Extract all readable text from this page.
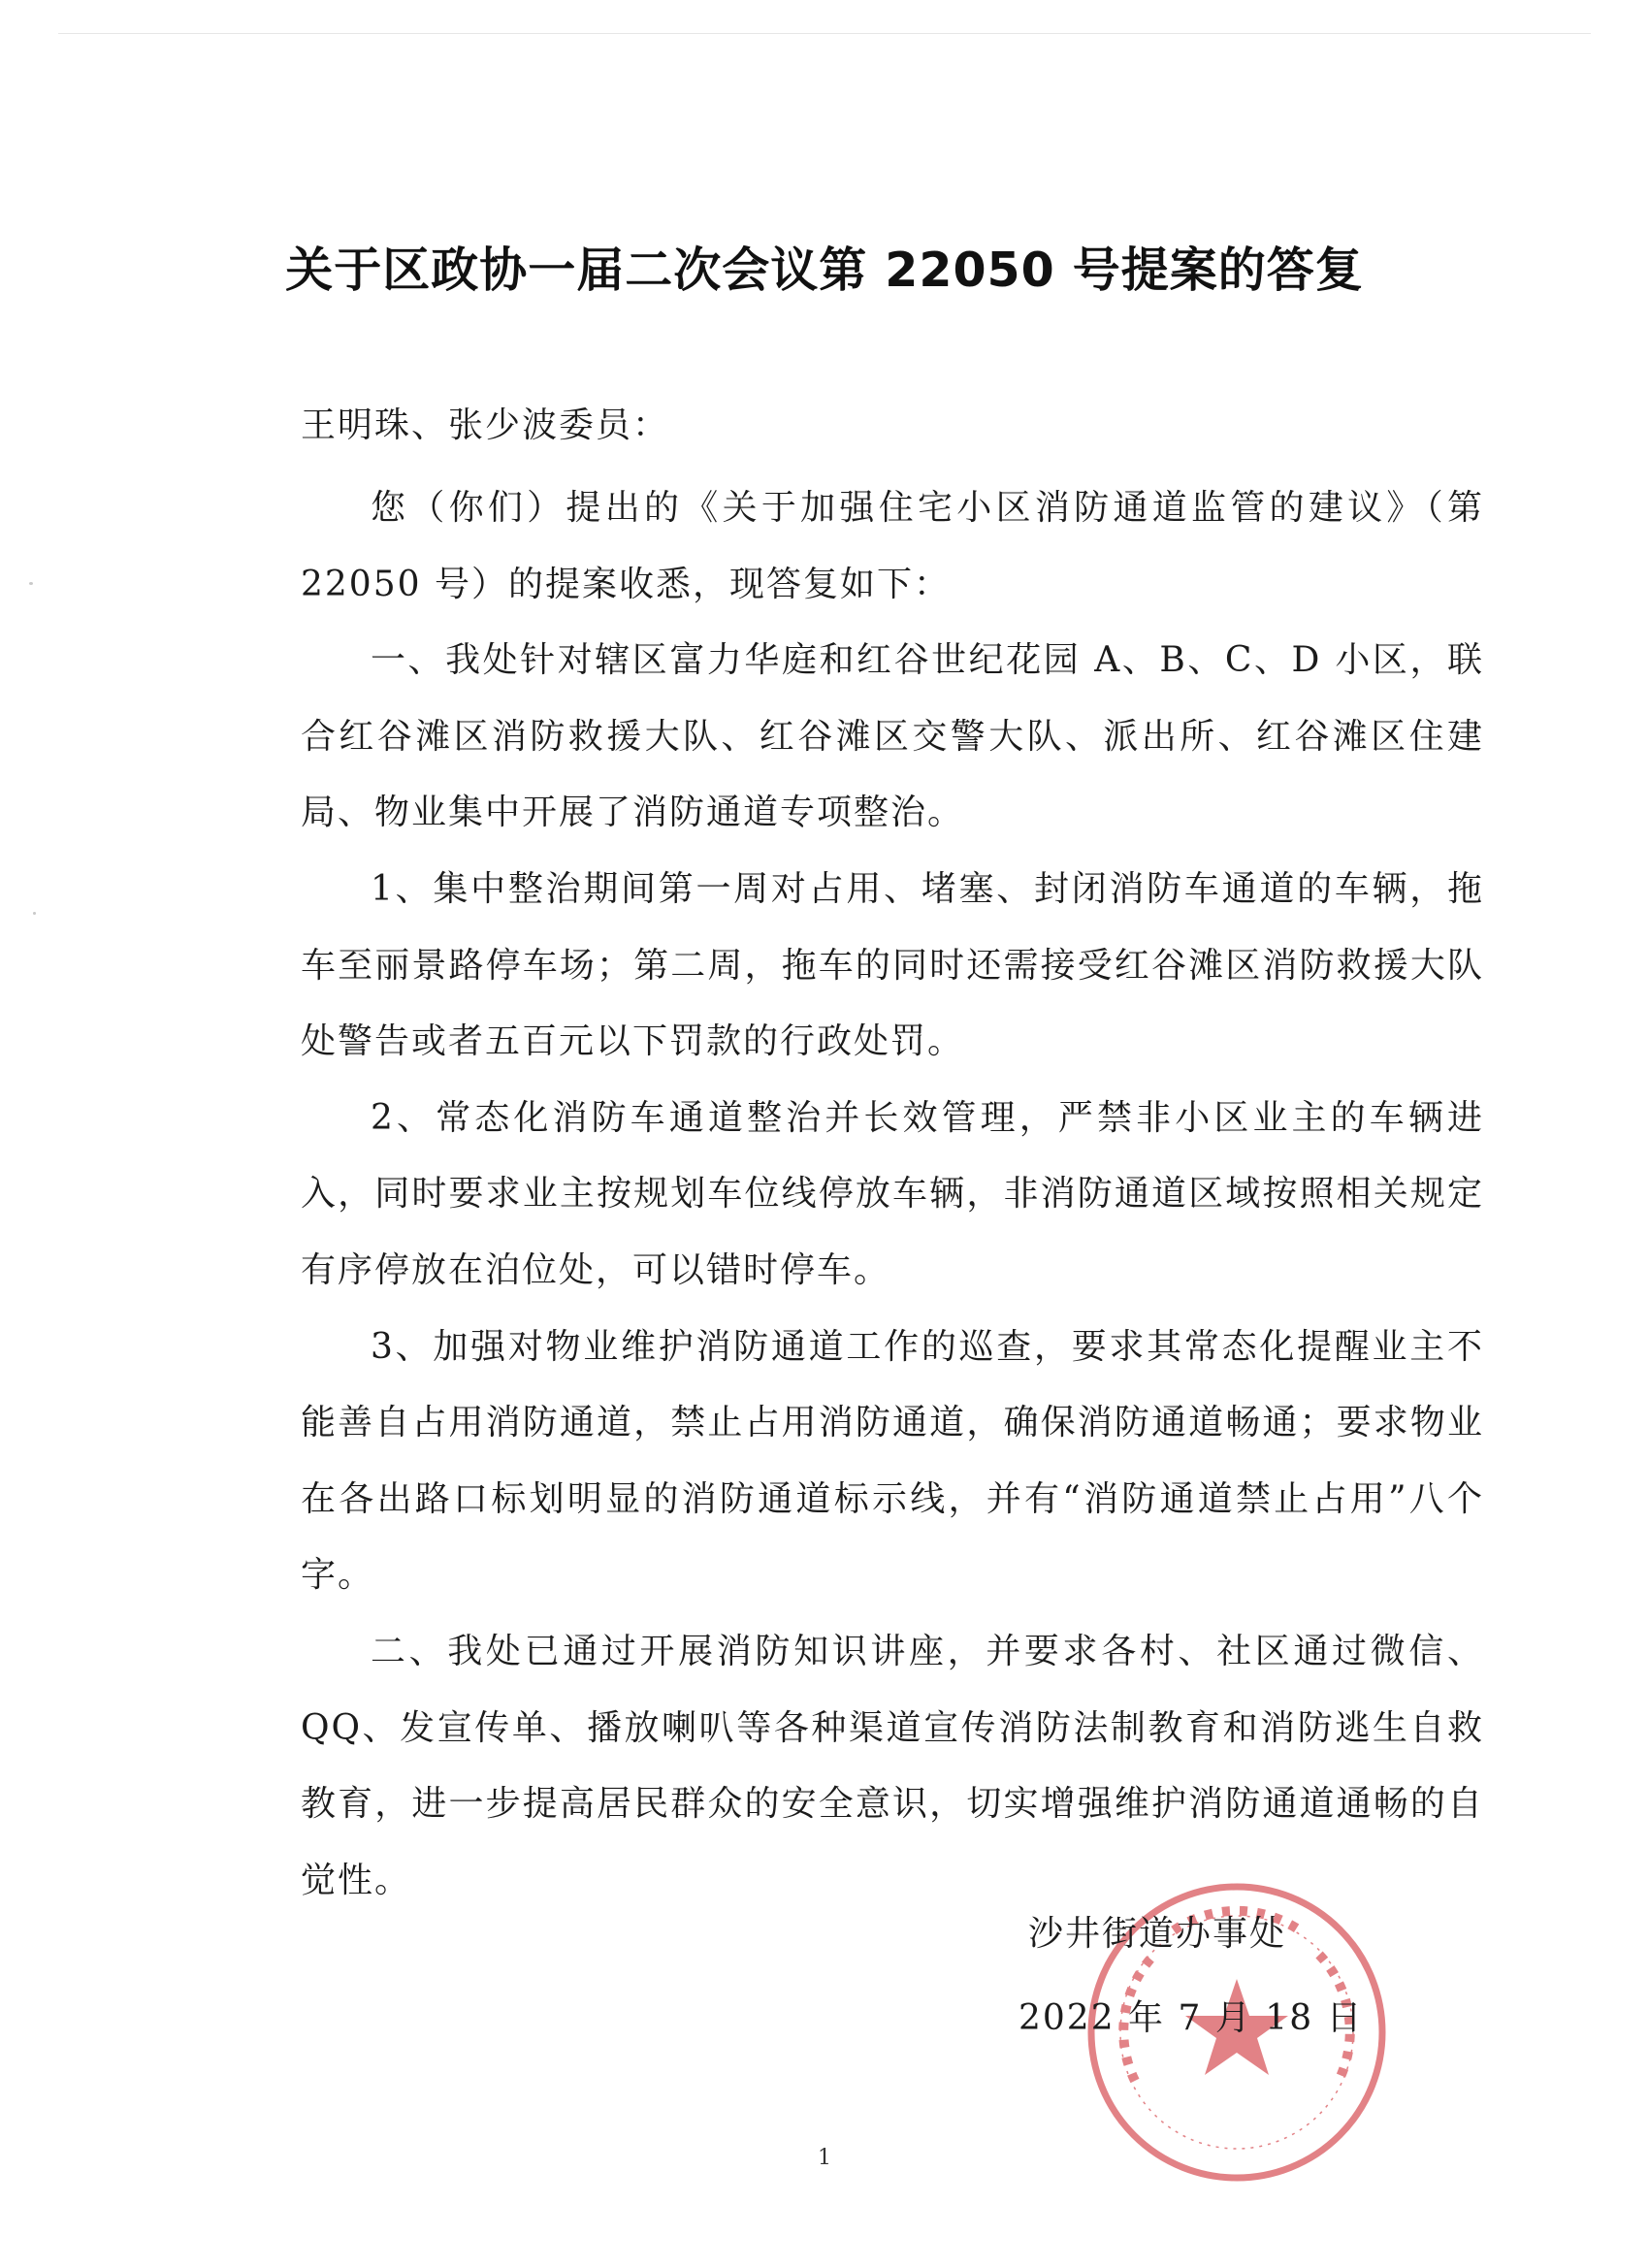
关于区政协一届二次会议第 22050 号提案的答复
王明珠、张少波委员：

您（你们）提出的《关于加强住宅小区消防通道监管的建议》（第 22050 号）的提案收悉，现答复如下：

一、我处针对辖区富力华庭和红谷世纪花园 A、B、C、D 小区，联合红谷滩区消防救援大队、红谷滩区交警大队、派出所、红谷滩区住建局、物业集中开展了消防通道专项整治。

1、集中整治期间第一周对占用、堵塞、封闭消防车通道的车辆，拖车至丽景路停车场；第二周，拖车的同时还需接受红谷滩区消防救援大队处警告或者五百元以下罚款的行政处罚。

2、常态化消防车通道整治并长效管理，严禁非小区业主的车辆进入，同时要求业主按规划车位线停放车辆，非消防通道区域按照相关规定有序停放在泊位处，可以错时停车。

3、加强对物业维护消防通道工作的巡查，要求其常态化提醒业主不能善自占用消防通道，禁止占用消防通道，确保消防通道畅通；要求物业在各出路口标划明显的消防通道标示线，并有“消防通道禁止占用”八个字。

二、我处已通过开展消防知识讲座，并要求各村、社区通过微信、QQ、发宣传单、播放喇叭等各种渠道宣传消防法制教育和消防逃生自救教育，进一步提高居民群众的安全意识，切实增强维护消防通道通畅的自觉性。

沙井街道办事处
2022 年 7 月 18 日
1
